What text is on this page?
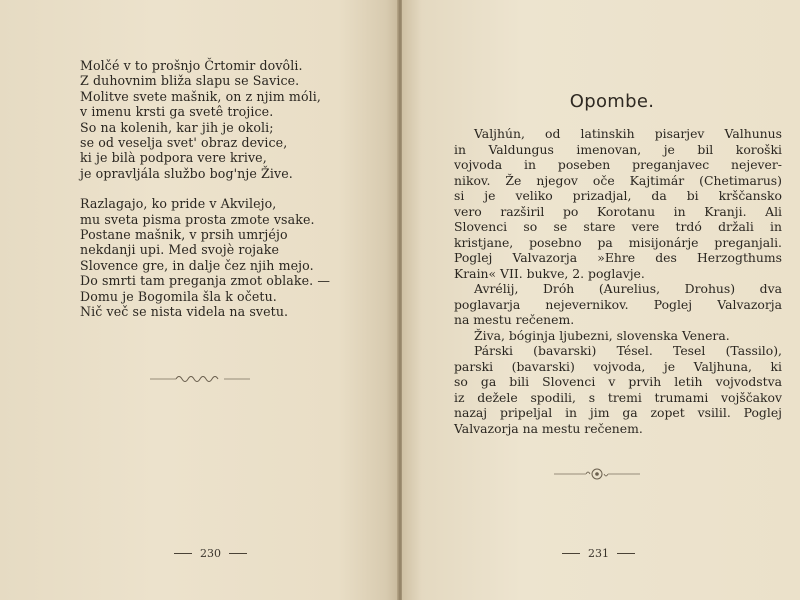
Molčé v to prošnjo Črtomir dovôli.
Z duhovnim bliža slapu se Savice.
Molitve svete mašnik, on z njim móli,
v imenu krsti ga svetê trojice.
So na kolenih, kar jih je okoli;
se od veselja svet' obraz device,
ki je bilà podpora vere krive,
je opravljála službo bog'nje Žive.
Razlagajo, ko pride v Akvilejo,
mu sveta pisma prosta zmote vsake.
Postane mašnik, v prsih umrjéjo
nekdanji upi. Med svojè rojake
Slovence gre, in dalje čez njih mejo.
Do smrti tam preganja zmot oblake. —
Domu je Bogomila šla k očetu.
Nič več se nista videla na svetu.
230
Opombe.

Valjhún, od latinskih pisarjev Valhunus
in Valdungus imenovan, je bil koroški
vojvoda in poseben preganjavec nejever-
nikov. Že njegov oče Kajtimár (Chetimarus)
si je veliko prizadjal, da bi krščansko
vero razširil po Korotanu in Kranji. Ali
Slovenci so se stare vere trdó držali in
kristjane, posebno pa misijonárje preganjali.
Poglej Valvazorja »Ehre des Herzogthums
Krain« VII. bukve, 2. poglavje.

Avrélij, Dróh (Aurelius, Drohus) dva
poglavarja nejevernikov. Poglej Valvazorja
na mestu rečenem.

Živa, bóginja ljubezni, slovenska Venera.

Párski (bavarski) Tésel. Tesel (Tassilo),
parski (bavarski) vojvoda, je Valjhuna, ki
so ga bili Slovenci v prvih letih vojvodstva
iz dežele spodili, s tremi trumami vojščakov
nazaj pripeljal in jim ga zopet vsilil. Poglej
Valvazorja na mestu rečenem.

231
